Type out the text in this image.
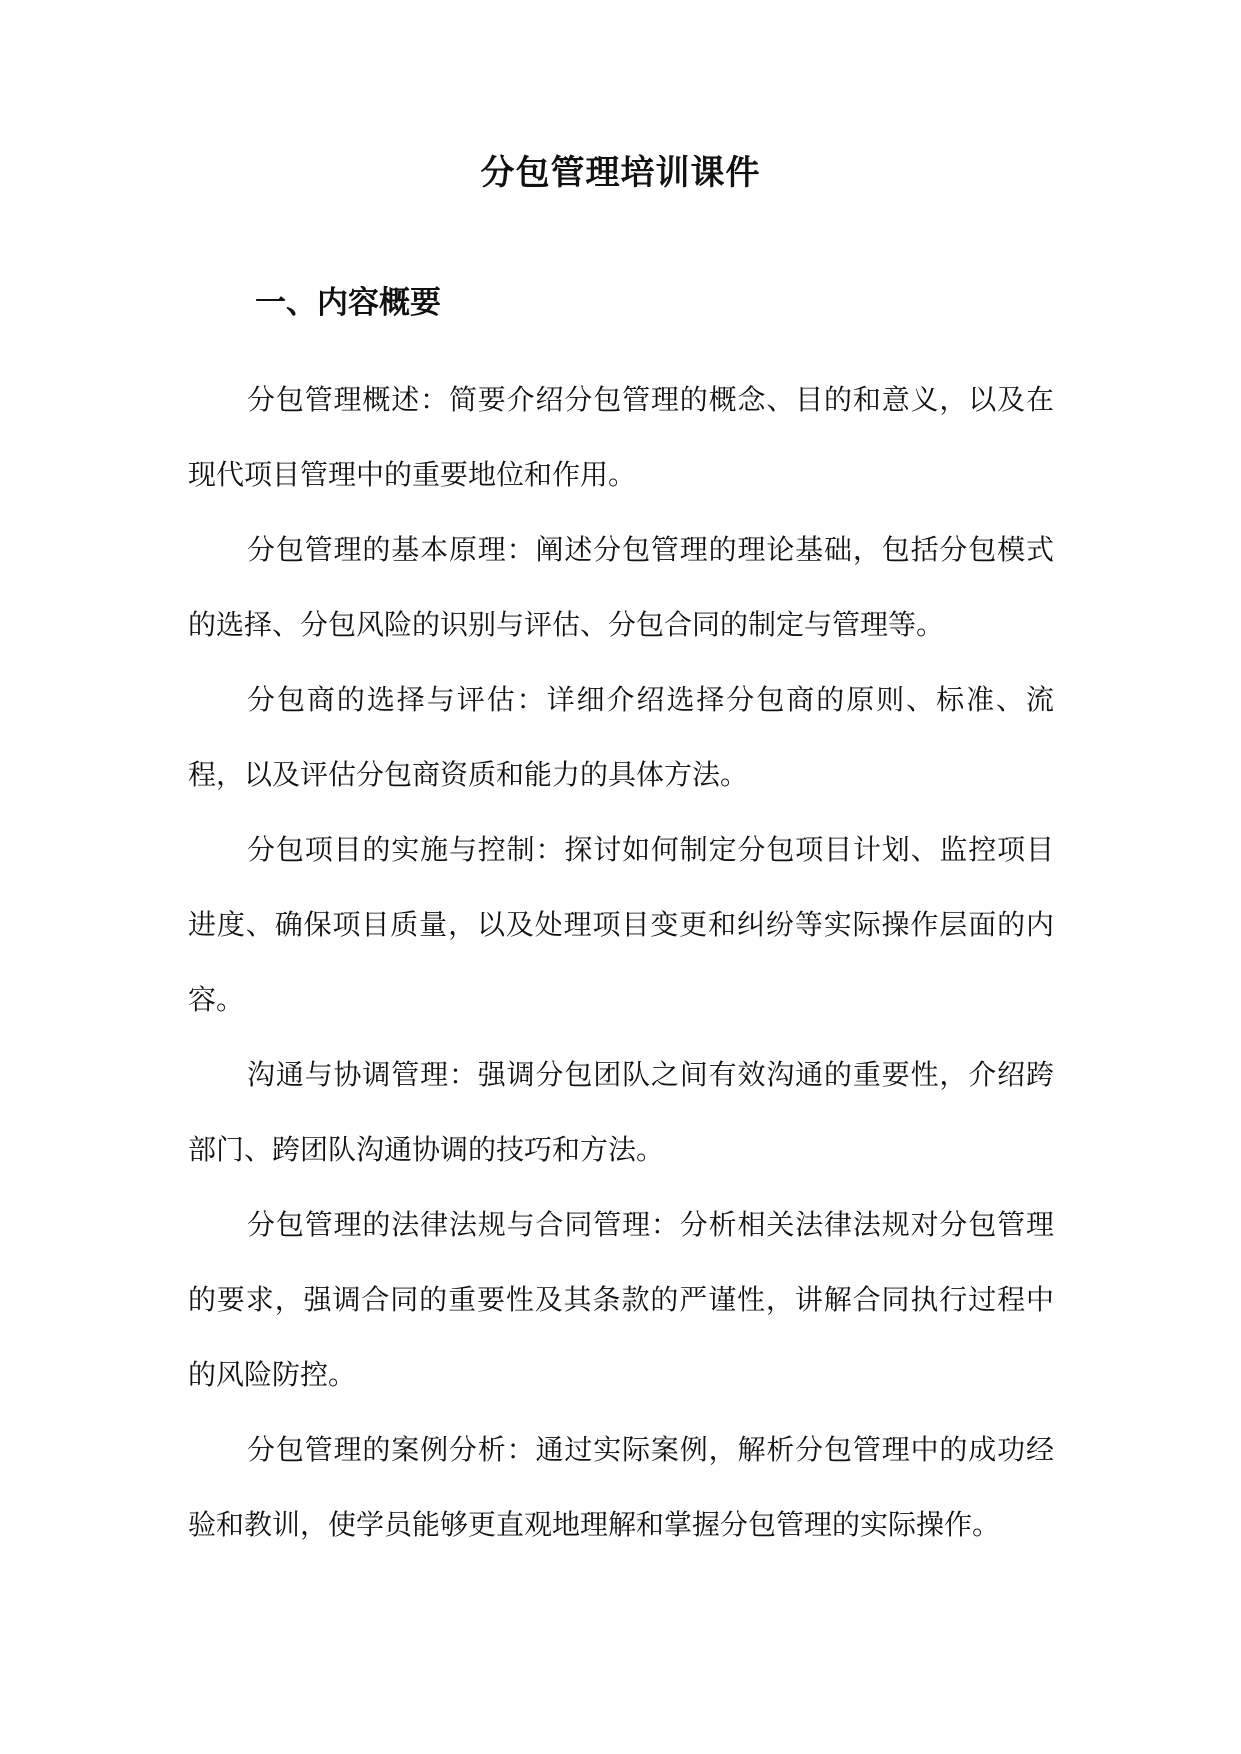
分包管理培训课件
一、内容概要

分包管理概述：简要介绍分包管理的概念、目的和意义，以及在现代项目管理中的重要地位和作用。

分包管理的基本原理：阐述分包管理的理论基础，包括分包模式的选择、分包风险的识别与评估、分包合同的制定与管理等。

分包商的选择与评估：详细介绍选择分包商的原则、标准、流程，以及评估分包商资质和能力的具体方法。

分包项目的实施与控制：探讨如何制定分包项目计划、监控项目进度、确保项目质量，以及处理项目变更和纠纷等实际操作层面的内容。

沟通与协调管理：强调分包团队之间有效沟通的重要性，介绍跨部门、跨团队沟通协调的技巧和方法。

分包管理的法律法规与合同管理：分析相关法律法规对分包管理的要求，强调合同的重要性及其条款的严谨性，讲解合同执行过程中的风险防控。

分包管理的案例分析：通过实际案例，解析分包管理中的成功经验和教训，使学员能够更直观地理解和掌握分包管理的实际操作。
